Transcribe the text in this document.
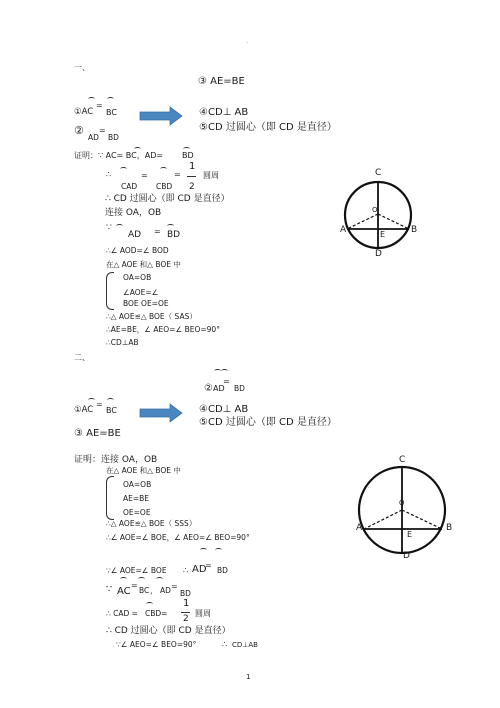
.
一、
③ AE=BE
①AC
=
BC	④CD⊥ AB
②
AD
=
BD
⑤CD 过圆心（即 CD 是直径）
证明：∵ AC= BC，AD= BD
∴	=	=
1
2
圆周
CAD	CBD
∴ CD 过圆心（即 CD 是直径）
连接 OA，OB
∵
AD = BD
∴∠ AOD=∠ BOD
在△ AOE 和△ BOE 中
OA=OB
∠AOE=∠
BOE OE=OE
∴△ AOE≌△ BOE（ SAS）
∴AE=BE，∠ AEO=∠ BEO=90°
∴CD⊥AB
C
O
A	E	B
D
二、
② AD
=
BD
①AC
=
BC	④CD⊥ AB
⑤CD 过圆心（即 CD 是直径）
③ AE=BE
证明：连接 OA，OB
在△ AOE 和△ BOE 中
OA=OB
AE=BE
OE=OE
∴△ AOE≌△ BOE（ SSS）
∴∠ AOE=∠ BOE，∠ AEO=∠ BEO=90°
∵∠ AOE=∠ BOE ∴ AD
=
BD
∵ AC
=
BC ， AD =
BD
∴ CAD = CBD=
1
2
圆周
∴ CD 过圆心（即 CD 是直径）
∵∠ AEO=∠ BEO=90°	∴ CD⊥AB
C
O
A
E
B
D
1
